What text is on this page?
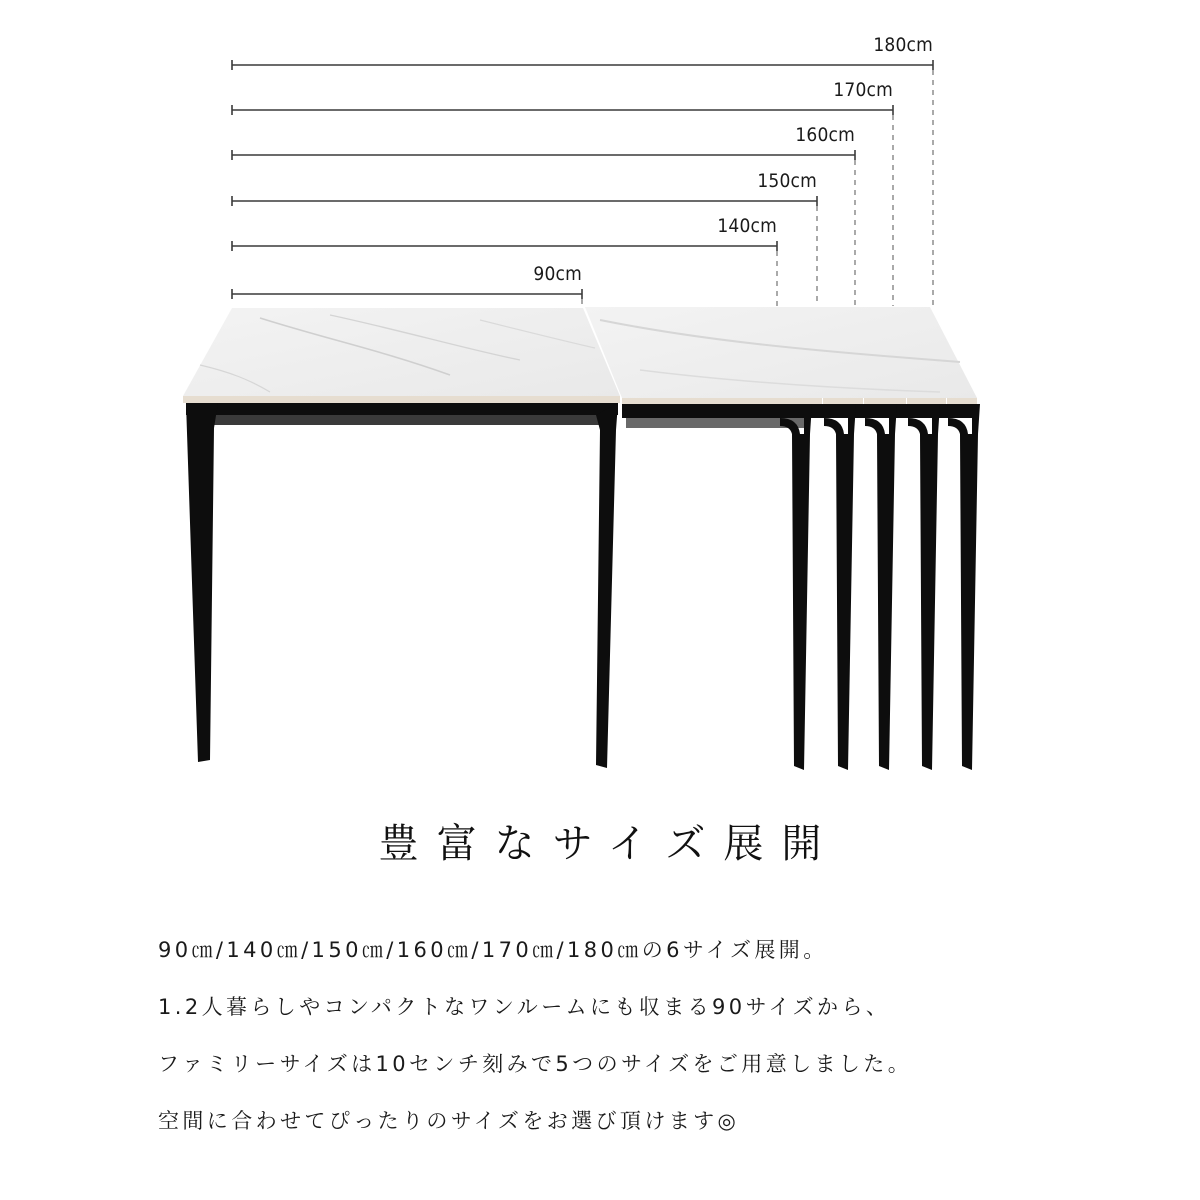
180cm
170cm
160cm
150cm
140cm
90cm
豊富なサイズ展開

90㎝/140㎝/150㎝/160㎝/170㎝/180㎝の6サイズ展開。

1.2人暮らしやコンパクトなワンルームにも収まる90サイズから、

ファミリーサイズは10センチ刻みで5つのサイズをご用意しました。

空間に合わせてぴったりのサイズをお選び頂けます◎
